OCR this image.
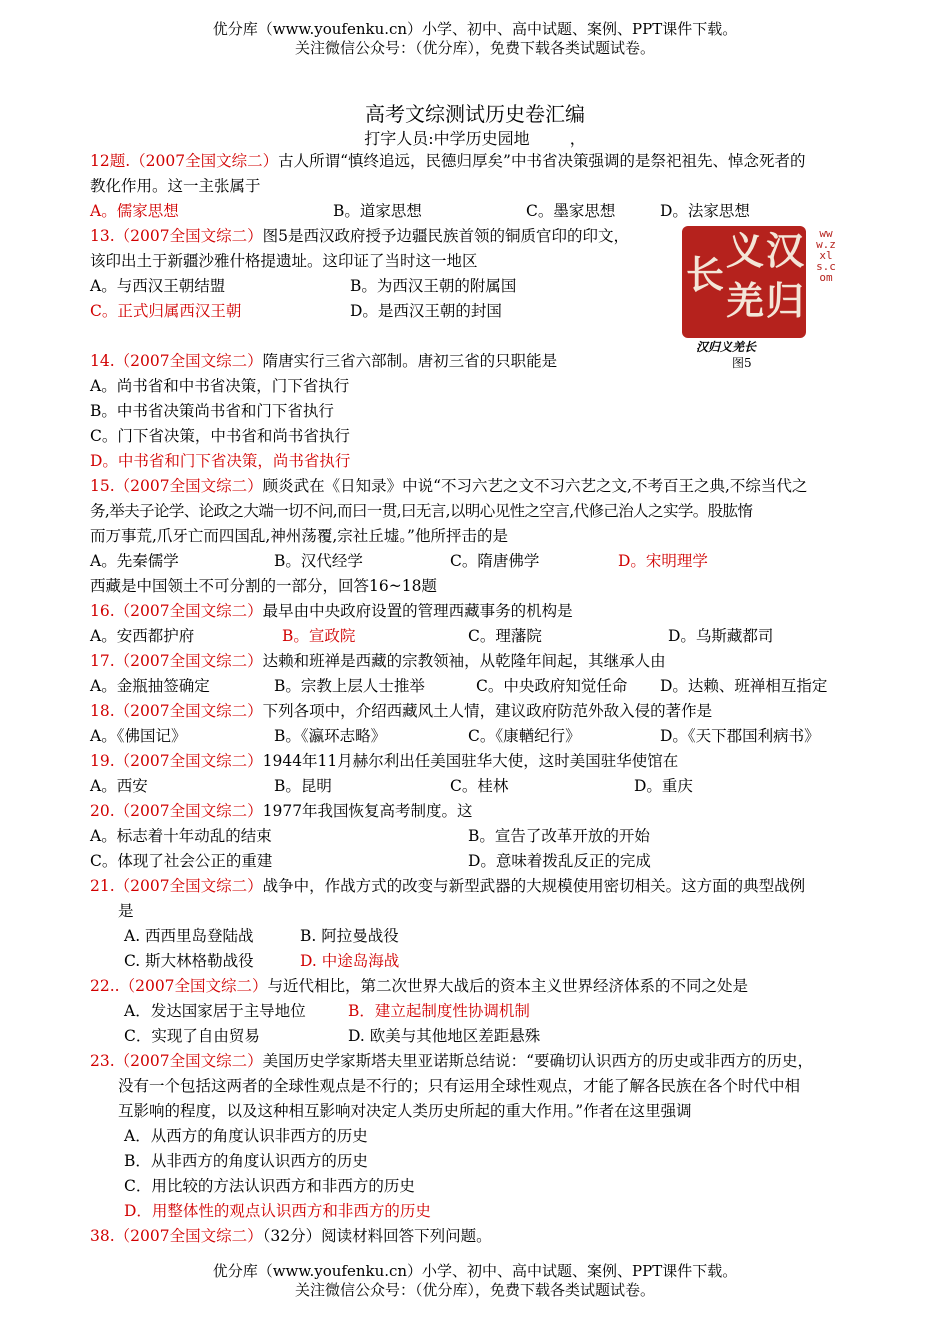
优分库（www.youfenku.cn）小学、初中、高中试题、案例、PPT课件下载。
关注微信公众号：（优分库），免费下载各类试题试卷。
高考文综测试历史卷汇编
打字人员:中学历史园地	，
汉
归
义
羌
长
www.zxls.com
汉归义羌长
图5
12题.（2007全国文综二）古人所谓“慎终追远，民德归厚矣”中书省决策强调的是祭祀祖先、悼念死者的
教化作用。这一主张属于
A。儒家思想	B。道家思想	C。墨家思想	D。法家思想
13.（2007全国文综二）图5是西汉政府授予边疆民族首领的铜质官印的印文，
该印出土于新疆沙雅什格提遗址。这印证了当时这一地区
A。与西汉王朝结盟	B。为西汉王朝的附属国
C。正式归属西汉王朝	D。是西汉王朝的封国
14.（2007全国文综二）隋唐实行三省六部制。唐初三省的只职能是
A。尚书省和中书省决策，门下省执行
B。中书省决策尚书省和门下省执行
C。门下省决策，中书省和尚书省执行
D。中书省和门下省决策，尚书省执行
15.（2007全国文综二）顾炎武在《日知录》中说“不习六艺之文不习六艺之文,不考百王之典,不综当代之
务,举夫子论学、论政之大端一切不问,而曰一贯,曰无言,以明心见性之空言,代修己治人之实学。股肱惰
而万事荒,爪牙亡而四国乱,神州荡覆,宗社丘墟。”他所抨击的是
A。先秦儒学	B。汉代经学	C。隋唐佛学	D。宋明理学
西藏是中国领土不可分割的一部分，回答16~18题
16.（2007全国文综二）最早由中央政府设置的管理西藏事务的机构是
A。安西都护府	B。宣政院	C。理藩院	D。乌斯藏都司
17.（2007全国文综二）达赖和班禅是西藏的宗教领袖，从乾隆年间起，其继承人由
A。金瓶抽签确定	B。宗教上层人士推举	C。中央政府知觉任命 D。达赖、班禅相互指定
18.（2007全国文综二）下列各项中，介绍西藏风土人情，建议政府防范外敌入侵的著作是
A。《佛国记》	B。《瀛环志略》	C。《康輶纪行》	D。《天下郡国利病书》
19.（2007全国文综二）1944年11月赫尔利出任美国驻华大使，这时美国驻华使馆在
A。西安	B。昆明	C。桂林	D。重庆
20.（2007全国文综二）1977年我国恢复高考制度。这
A。标志着十年动乱的结束	B。宣告了改革开放的开始
C。体现了社会公正的重建	D。意味着拨乱反正的完成
21.（2007全国文综二）战争中，作战方式的改变与新型武器的大规模使用密切相关。这方面的典型战例
是
A. 西西里岛登陆战	B. 阿拉曼战役
C. 斯大林格勒战役	D. 中途岛海战
22..（2007全国文综二）与近代相比，第二次世界大战后的资本主义世界经济体系的不同之处是
A．发达国家居于主导地位	B．建立起制度性协调机制
C．实现了自由贸易	D. 欧美与其他地区差距悬殊
23.（2007全国文综二）美国历史学家斯塔夫里亚诺斯总结说：“要确切认识西方的历史或非西方的历史，
没有一个包括这两者的全球性观点是不行的；只有运用全球性观点，才能了解各民族在各个时代中相
互影响的程度，以及这种相互影响对决定人类历史所起的重大作用。”作者在这里强调
A．从西方的角度认识非西方的历史
B．从非西方的角度认识西方的历史
C．用比较的方法认识西方和非西方的历史
D．用整体性的观点认识西方和非西方的历史
38.（2007全国文综二）（32分）阅读材料回答下列问题。
优分库（www.youfenku.cn）小学、初中、高中试题、案例、PPT课件下载。
关注微信公众号：（优分库），免费下载各类试题试卷。
